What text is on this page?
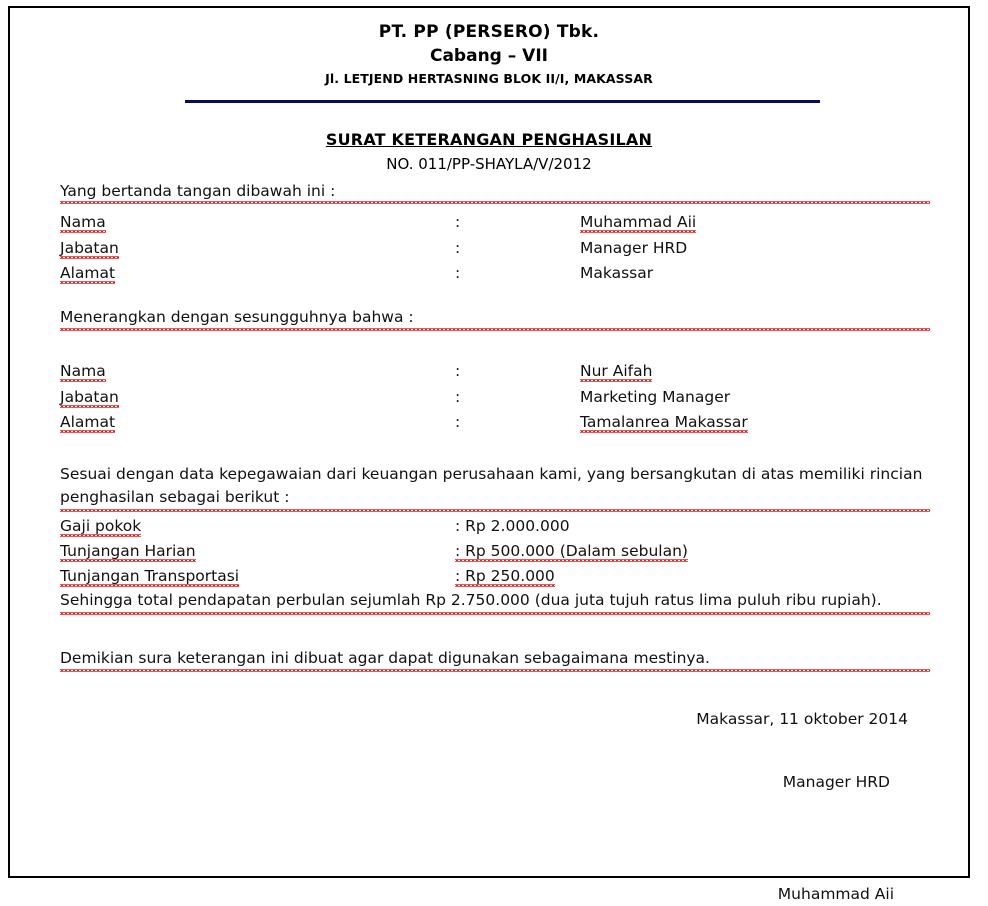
PT. PP (PERSERO) Tbk.
Cabang – VII
Jl. LETJEND HERTASNING BLOK II/I, MAKASSAR
SURAT KETERANGAN PENGHASILAN
NO. 011/PP-SHAYLA/V/2012

Yang bertanda tangan dibawah ini :

Nama	:	Muhammad Aii
Jabatan	:	Manager HRD
Alamat	:	Makassar

Menerangkan dengan sesungguhnya bahwa :

Nama	:	Nur Aifah
Jabatan	:	Marketing Manager
Alamat	:	Tamalanrea Makassar

Sesuai dengan data kepegawaian dari keuangan perusahaan kami, yang bersangkutan di atas memiliki rincian penghasilan sebagai berikut :

Gaji pokok	: Rp 2.000.000
Tunjangan Harian	: Rp 500.000 (Dalam sebulan)
Tunjangan Transportasi	: Rp 250.000

Sehingga total pendapatan perbulan sejumlah Rp 2.750.000 (dua juta tujuh ratus lima puluh ribu rupiah).

Demikian sura keterangan ini dibuat agar dapat digunakan sebagaimana mestinya.

Makassar, 11 oktober 2014
Manager HRD
Muhammad Aii
